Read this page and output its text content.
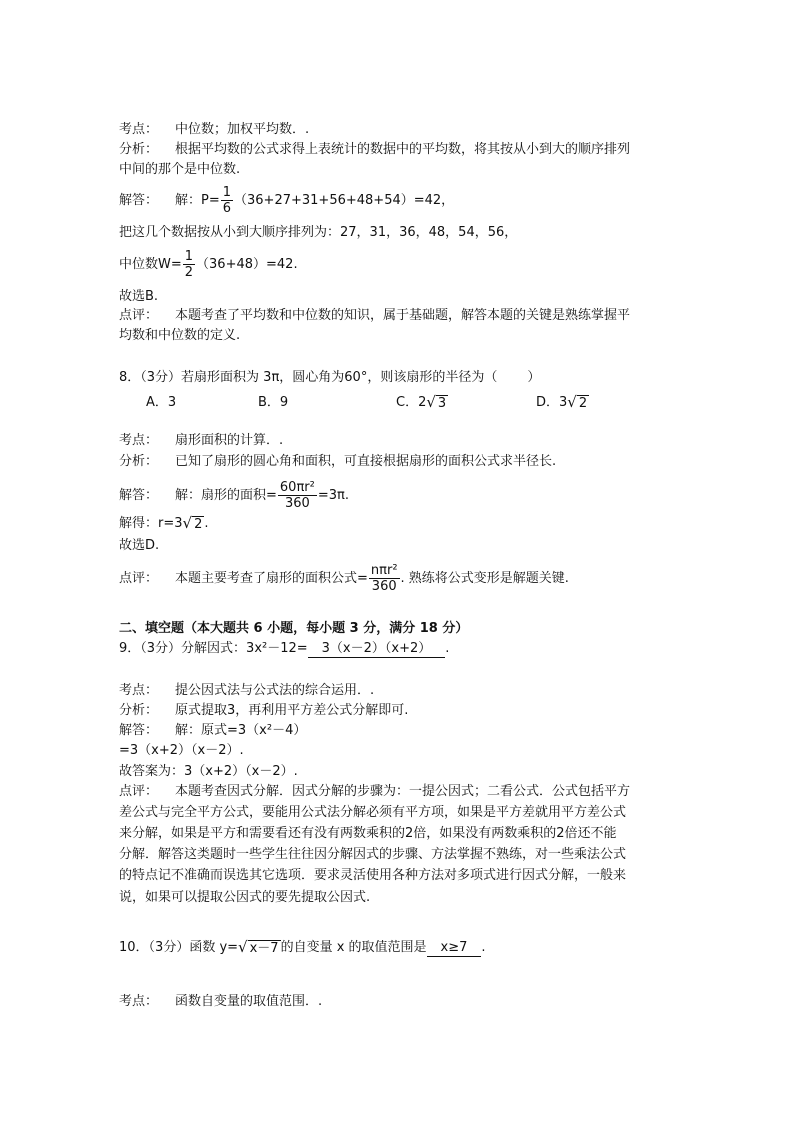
考点： 中位数；加权平均数．.
分析： 根据平均数的公式求得上表统计的数据中的平均数，将其按从小到大的顺序排列
中间的那个是中位数.
解答： 解：$P= \frac{1}{6} (36+27+31+56+48+54)=42$，
把这几个数据按从小到大顺序排列为：27，31，36，48，54，56，
中位数$W= \frac{1}{2} (36+48)=42$.
故选B.
点评： 本题考查了平均数和中位数的知识，属于基础题，解答本题的关键是熟练掌握平
均数和中位数的定义.
8．（3分）若扇形面积为 3π，圆心角为60°，则该扇形的半径为（ ）
A．3	B．9	C．2 √ 3	D．3 √ 2
考点： 扇形面积的计算．.
分析： 已知了扇形的圆心角和面积，可直接根据扇形的面积公式求半径长.
解答： 解：扇形的面积= $\frac{\text{60πr²}}{360} =3\pi$.
解得：r=3 √ 2 .
故选D.
点评： 本题主要考查了扇形的面积公式= $\frac{\text{nπr²}}{360}$ . 熟练将公式变形是解题关键.
二、填空题（本大题共 6 小题，每小题 3 分，满分 18 分）
9．（3分）分解因式：3x²－12= 3（x－2）（x+2） .
考点： 提公因式法与公式法的综合运用．.
分析： 原式提取3，再利用平方差公式分解即可.
解答： 解：原式=3（x²－4）
=3（x+2）（x－2）.
故答案为：3（x+2）（x－2）.
点评： 本题考查因式分解．因式分解的步骤为：一提公因式；二看公式．公式包括平方
差公式与完全平方公式，要能用公式法分解必须有平方项，如果是平方差就用平方差公式
来分解，如果是平方和需要看还有没有两数乘积的2倍，如果没有两数乘积的2倍还不能
分解．解答这类题时一些学生往往因分解因式的步骤、方法掌握不熟练，对一些乘法公式
的特点记不准确而误选其它选项．要求灵活使用各种方法对多项式进行因式分解，一般来
说，如果可以提取公因式的要先提取公因式.
10．（3分）函数 y= √ x－7 的自变量 x 的取值范围是 x≥7 .
考点： 函数自变量的取值范围．.
